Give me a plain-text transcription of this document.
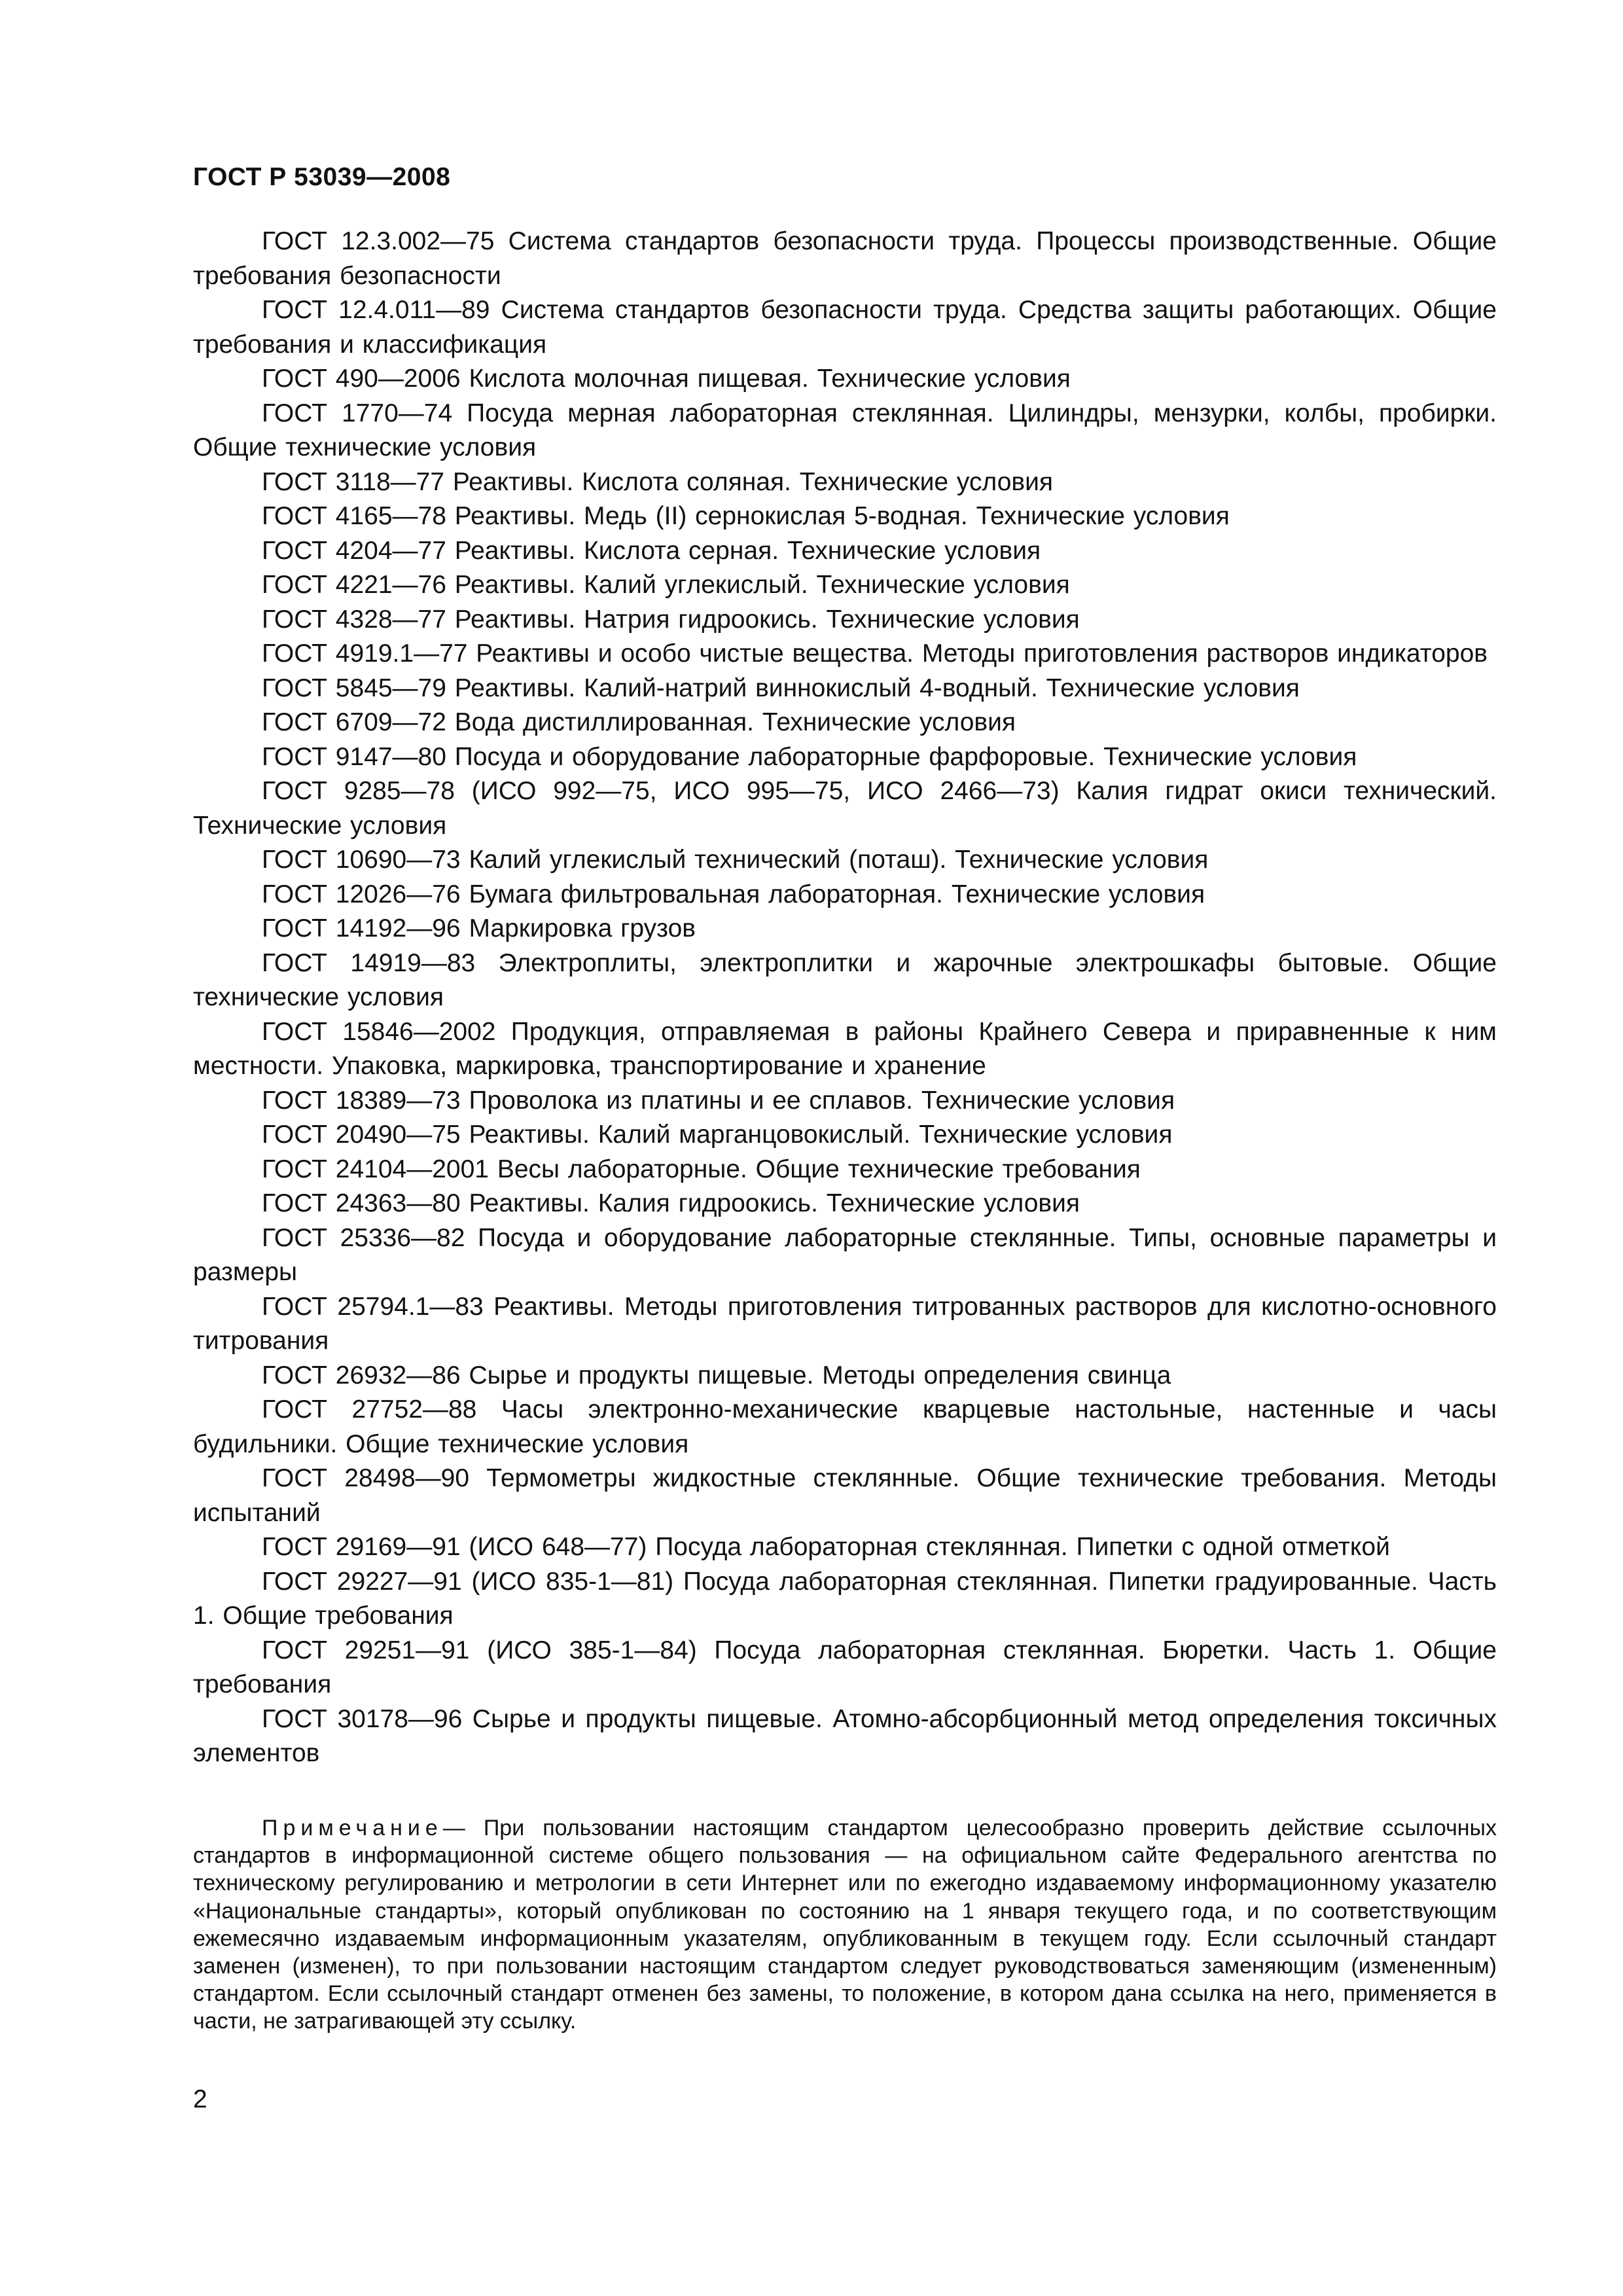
ГОСТ Р 53039—2008

ГОСТ 12.3.002—75 Система стандартов безопасности труда. Процессы производственные. Общие требования безопасности

ГОСТ 12.4.011—89 Система стандартов безопасности труда. Средства защиты работающих. Общие требования и классификация

ГОСТ 490—2006 Кислота молочная пищевая. Технические условия

ГОСТ 1770—74 Посуда мерная лабораторная стеклянная. Цилиндры, мензурки, колбы, пробирки. Общие технические условия

ГОСТ 3118—77 Реактивы. Кислота соляная. Технические условия

ГОСТ 4165—78 Реактивы. Медь (II) сернокислая 5-водная. Технические условия

ГОСТ 4204—77 Реактивы. Кислота серная. Технические условия

ГОСТ 4221—76 Реактивы. Калий углекислый. Технические условия

ГОСТ 4328—77 Реактивы. Натрия гидроокись. Технические условия

ГОСТ 4919.1—77 Реактивы и особо чистые вещества. Методы приготовления растворов индикаторов

ГОСТ 5845—79 Реактивы. Калий-натрий виннокислый 4-водный. Технические условия

ГОСТ 6709—72 Вода дистиллированная. Технические условия

ГОСТ 9147—80 Посуда и оборудование лабораторные фарфоровые. Технические условия

ГОСТ 9285—78 (ИСО 992—75, ИСО 995—75, ИСО 2466—73) Калия гидрат окиси технический. Технические условия

ГОСТ 10690—73 Калий углекислый технический (поташ). Технические условия

ГОСТ 12026—76 Бумага фильтровальная лабораторная. Технические условия

ГОСТ 14192—96 Маркировка грузов

ГОСТ 14919—83 Электроплиты, электроплитки и жарочные электрошкафы бытовые. Общие технические условия

ГОСТ 15846—2002 Продукция, отправляемая в районы Крайнего Севера и приравненные к ним местности. Упаковка, маркировка, транспортирование и хранение

ГОСТ 18389—73 Проволока из платины и ее сплавов. Технические условия

ГОСТ 20490—75 Реактивы. Калий марганцовокислый. Технические условия

ГОСТ 24104—2001 Весы лабораторные. Общие технические требования

ГОСТ 24363—80 Реактивы. Калия гидроокись. Технические условия

ГОСТ 25336—82 Посуда и оборудование лабораторные стеклянные. Типы, основные параметры и размеры

ГОСТ 25794.1—83 Реактивы. Методы приготовления титрованных растворов для кислотно-основного титрования

ГОСТ 26932—86 Сырье и продукты пищевые. Методы определения свинца

ГОСТ 27752—88 Часы электронно-механические кварцевые настольные, настенные и часы будильники. Общие технические условия

ГОСТ 28498—90 Термометры жидкостные стеклянные. Общие технические требования. Методы испытаний

ГОСТ 29169—91 (ИСО 648—77) Посуда лабораторная стеклянная. Пипетки с одной отметкой

ГОСТ 29227—91 (ИСО 835-1—81) Посуда лабораторная стеклянная. Пипетки градуированные. Часть 1. Общие требования

ГОСТ 29251—91 (ИСО 385-1—84) Посуда лабораторная стеклянная. Бюретки. Часть 1. Общие требования

ГОСТ 30178—96 Сырье и продукты пищевые. Атомно-абсорбционный метод определения токсичных элементов

Примечание— При пользовании настоящим стандартом целесообразно проверить действие ссылочных стандартов в информационной системе общего пользования — на официальном сайте Федерального агентства по техническому регулированию и метрологии в сети Интернет или по ежегодно издаваемому информационному указателю «Национальные стандарты», который опубликован по состоянию на 1 января текущего года, и по соответствующим ежемесячно издаваемым информационным указателям, опубликованным в текущем году. Если ссылочный стандарт заменен (изменен), то при пользовании настоящим стандартом следует руководствоваться заменяющим (измененным) стандартом. Если ссылочный стандарт отменен без замены, то положение, в котором дана ссылка на него, применяется в части, не затрагивающей эту ссылку.

2
